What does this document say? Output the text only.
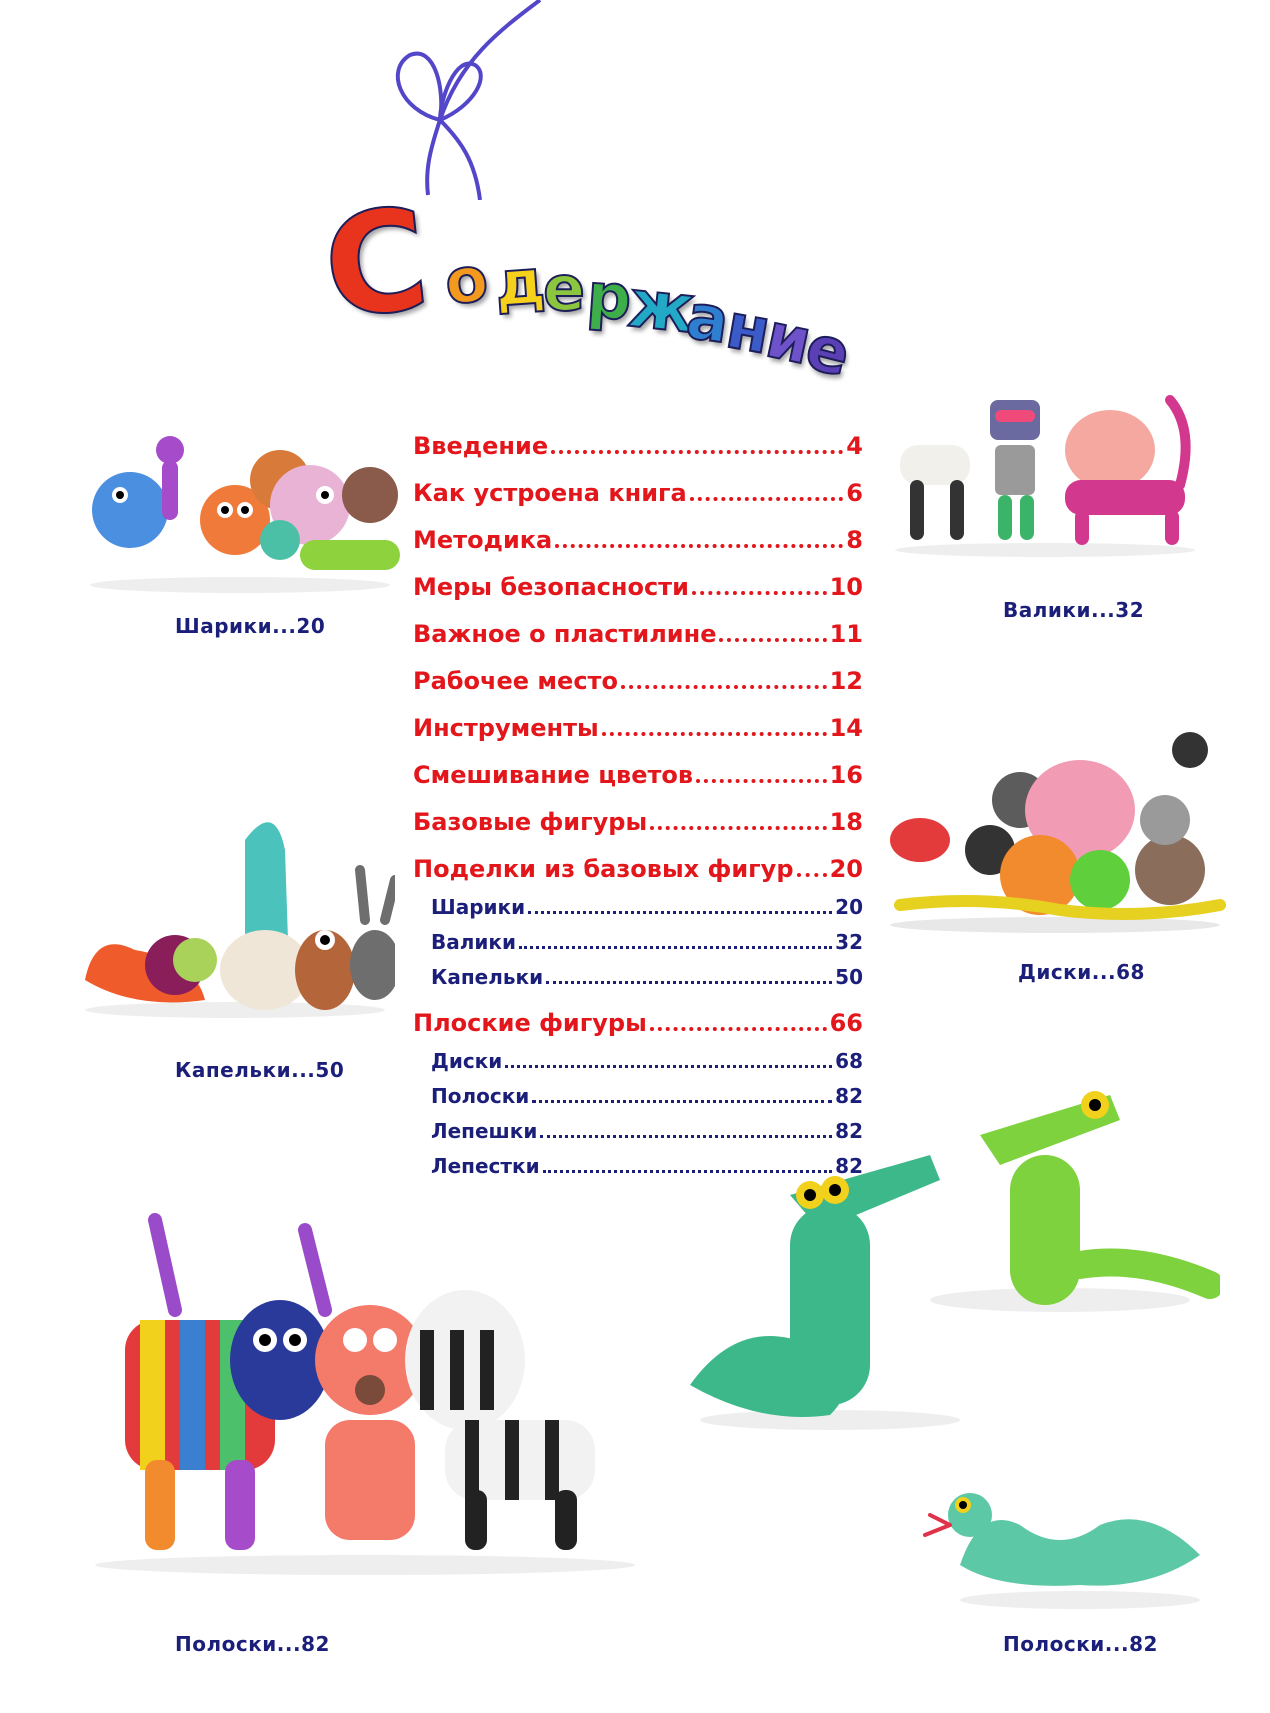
С о д
е р
ж
а
н
и
е
Введение	4
Как устроена книга	6
Методика	8
Меры безопасности	10
Важное о пластилине	11
Рабочее место	12
Инструменты	14
Смешивание цветов	16
Базовые фигуры	18
Поделки из базовых фигур 20
Шарики	20
Валики	32
Капельки	50
Плоские фигуры	66
Диски	68
Полоски	82
Лепешки	82
Лепестки	82
Шарики...20
Валики...32
Капельки...50
Диски...68
Полоски...82	Полоски...82
